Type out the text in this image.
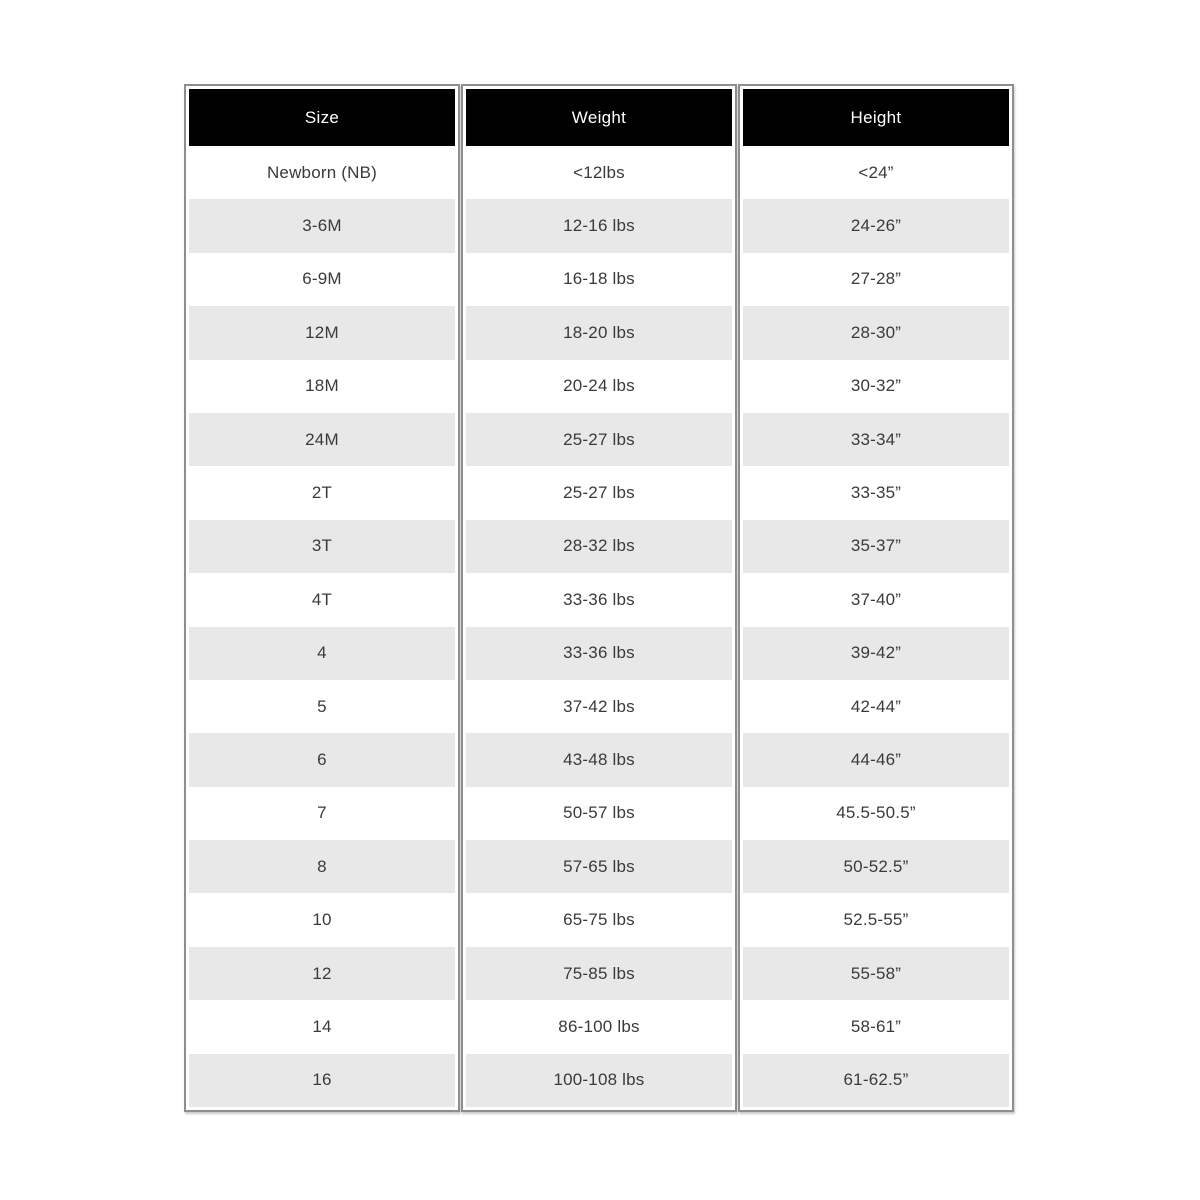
Size
Newborn (NB)
3-6M
6-9M
12M
18M
24M
2T
3T
4T
4
5
6
7
8
10
12
14
16
Weight
<12lbs
12-16 lbs
16-18 lbs
18-20 lbs
20-24 lbs
25-27 lbs
25-27 lbs
28-32 lbs
33-36 lbs
33-36 lbs
37-42 lbs
43-48 lbs
50-57 lbs
57-65 lbs
65-75 lbs
75-85 lbs
86-100 lbs
100-108 lbs
Height
<24”
24-26”
27-28”
28-30”
30-32”
33-34”
33-35”
35-37”
37-40”
39-42”
42-44”
44-46”
45.5-50.5”
50-52.5”
52.5-55”
55-58”
58-61”
61-62.5”
